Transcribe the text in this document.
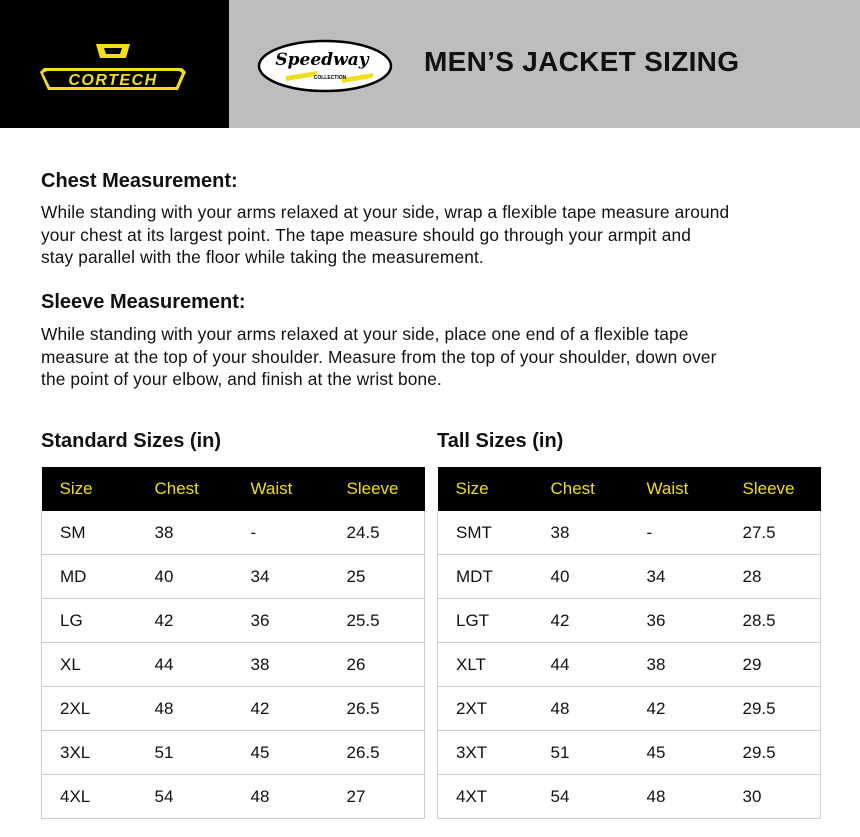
CORTECH
Speedway
COLLECTION
MEN’S JACKET SIZING
Chest Measurement:
While standing with your arms relaxed at your side, wrap a flexible tape measure around
your chest at its largest point. The tape measure should go through your armpit and
stay parallel with the floor while taking the measurement.
Sleeve Measurement:
While standing with your arms relaxed at your side, place one end of a flexible tape
measure at the top of your shoulder. Measure from the top of your shoulder, down over
the point of your elbow, and finish at the wrist bone.
Standard Sizes (in)
Size	Chest	Waist	Sleeve
SM	38	-	24.5
MD	40	34	25
LG	42	36	25.5
XL	44	38	26
2XL	48	42	26.5
3XL	51	45	26.5
4XL	54	48	27
Tall Sizes (in)
Size	Chest	Waist	Sleeve
SMT	38	-	27.5
MDT	40	34	28
LGT	42	36	28.5
XLT	44	38	29
2XT	48	42	29.5
3XT	51	45	29.5
4XT	54	48	30
